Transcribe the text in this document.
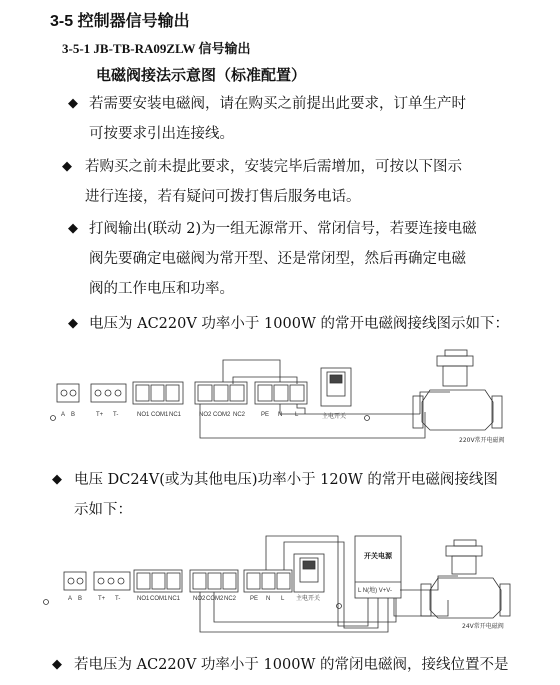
3-5 控制器信号输出
3-5-1 JB-TB-RA09ZLW 信号输出
电磁阀接法示意图（标准配置）
◆ 若需要安装电磁阀，请在购买之前提出此要求，订单生产时
可按要求引出连接线。
◆ 若购买之前未提此要求，安装完毕后需增加，可按以下图示
进行连接，若有疑问可拨打售后服务电话。
◆ 打阀输出(联动 2)为一组无源常开、常闭信号，若要连接电磁
阀先要确定电磁阀为常开型、还是常闭型，然后再确定电磁
阀的工作电压和功率。
◆ 电压为 AC220V 功率小于 1000W 的常开电磁阀接线图示如下：
A B	T+ T-	NO1 COM1 NC1	NO2 COM2 NC2	PE N L	主电开关
220V常开电磁阀
◆ 电压 DC24V(或为其他电压)功率小于 120W 的常开电磁阀接线图
示如下：
A B	T+ T-	NO1 COM1 NC1 NO2 COM2 NC2 PE N L 主电开关
开关电源
L N(地) V+V-
24V常开电磁阀
◆ 若电压为 AC220V 功率小于 1000W 的常闭电磁阀，接线位置不是
